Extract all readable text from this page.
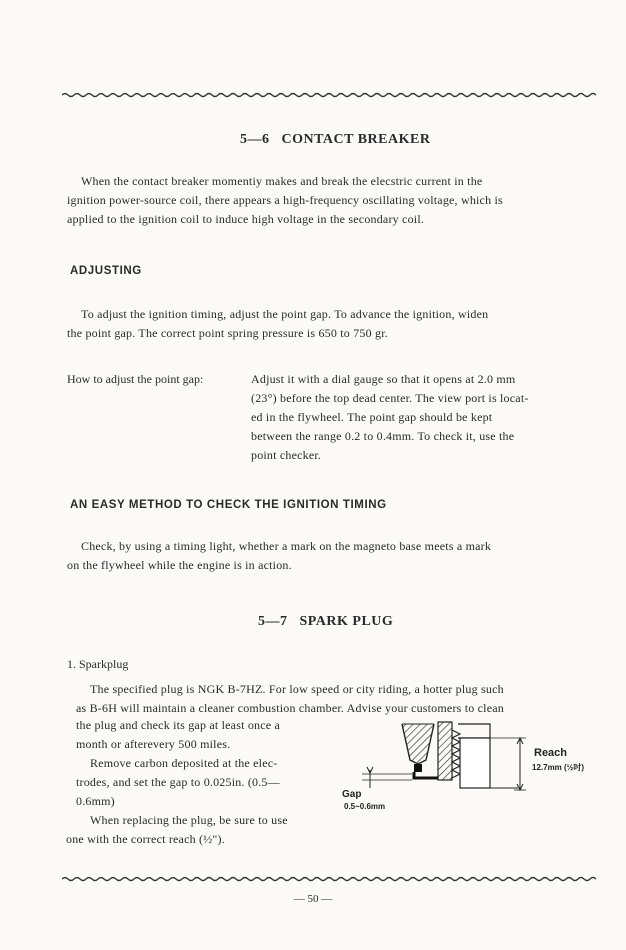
5—6 CONTACT BREAKER

When the contact breaker momentiy makes and break the elecstric current in the

ignition power-source coil, there appears a high-frequency oscillating voltage, which is

applied to the ignition coil to induce high voltage in the secondary coil.

ADJUSTING

To adjust the ignition timing, adjust the point gap. To advance the ignition, widen

the point gap. The correct point spring pressure is 650 to 750 gr.

How to adjust the point gap:	Adjust it with a dial gauge so that it opens at 2.0 mm

(23°) before the top dead center. The view port is locat-

ed in the flywheel. The point gap should be kept

between the range 0.2 to 0.4mm. To check it, use the

point checker.

AN EASY METHOD TO CHECK THE IGNITION TIMING

Check, by using a timing light, whether a mark on the magneto base meets a mark

on the flywheel while the engine is in action.

5—7 SPARK PLUG
1. Sparkplug

The specified plug is NGK B-7HZ. For low speed or city riding, a hotter plug such

as B-6H will maintain a cleaner combustion chamber. Advise your customers to clean

the plug and check its gap at least once a

month or afterevery 500 miles.

Remove carbon deposited at the elec-

trodes, and set the gap to 0.025in. (0.5—

0.6mm)

When replacing the plug, be sure to use

one with the correct reach (½").

Reach
12.7mm (½吋)
Gap
0.5~0.6mm
— 50 —
